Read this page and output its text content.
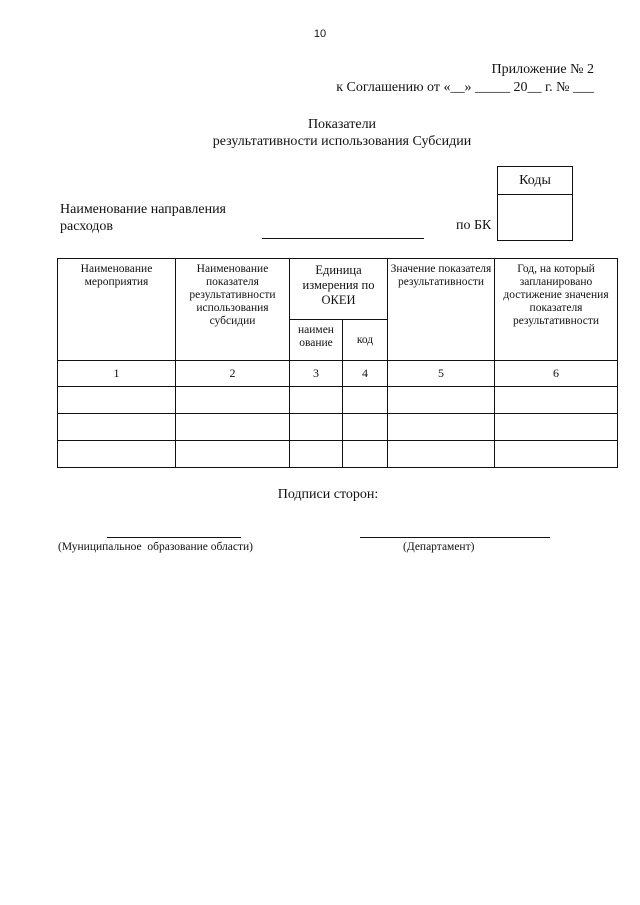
10
Приложение № 2
к Соглашению от «__» _____ 20__ г. № ___
Показатели
результативности использования Субсидии
Коды
Наименование направления
расходов	по БК
Наименование мероприятия	Наименование показателя результативности использования субсидии	Единица измерения по ОКЕИ		Значение показателя результативности	Год, на который запланировано достижение значения показателя результативности
		наимен ование	код		
1	2	3	4	5	6

Подписи сторон:
(Муниципальное  образование области)	(Департамент)
